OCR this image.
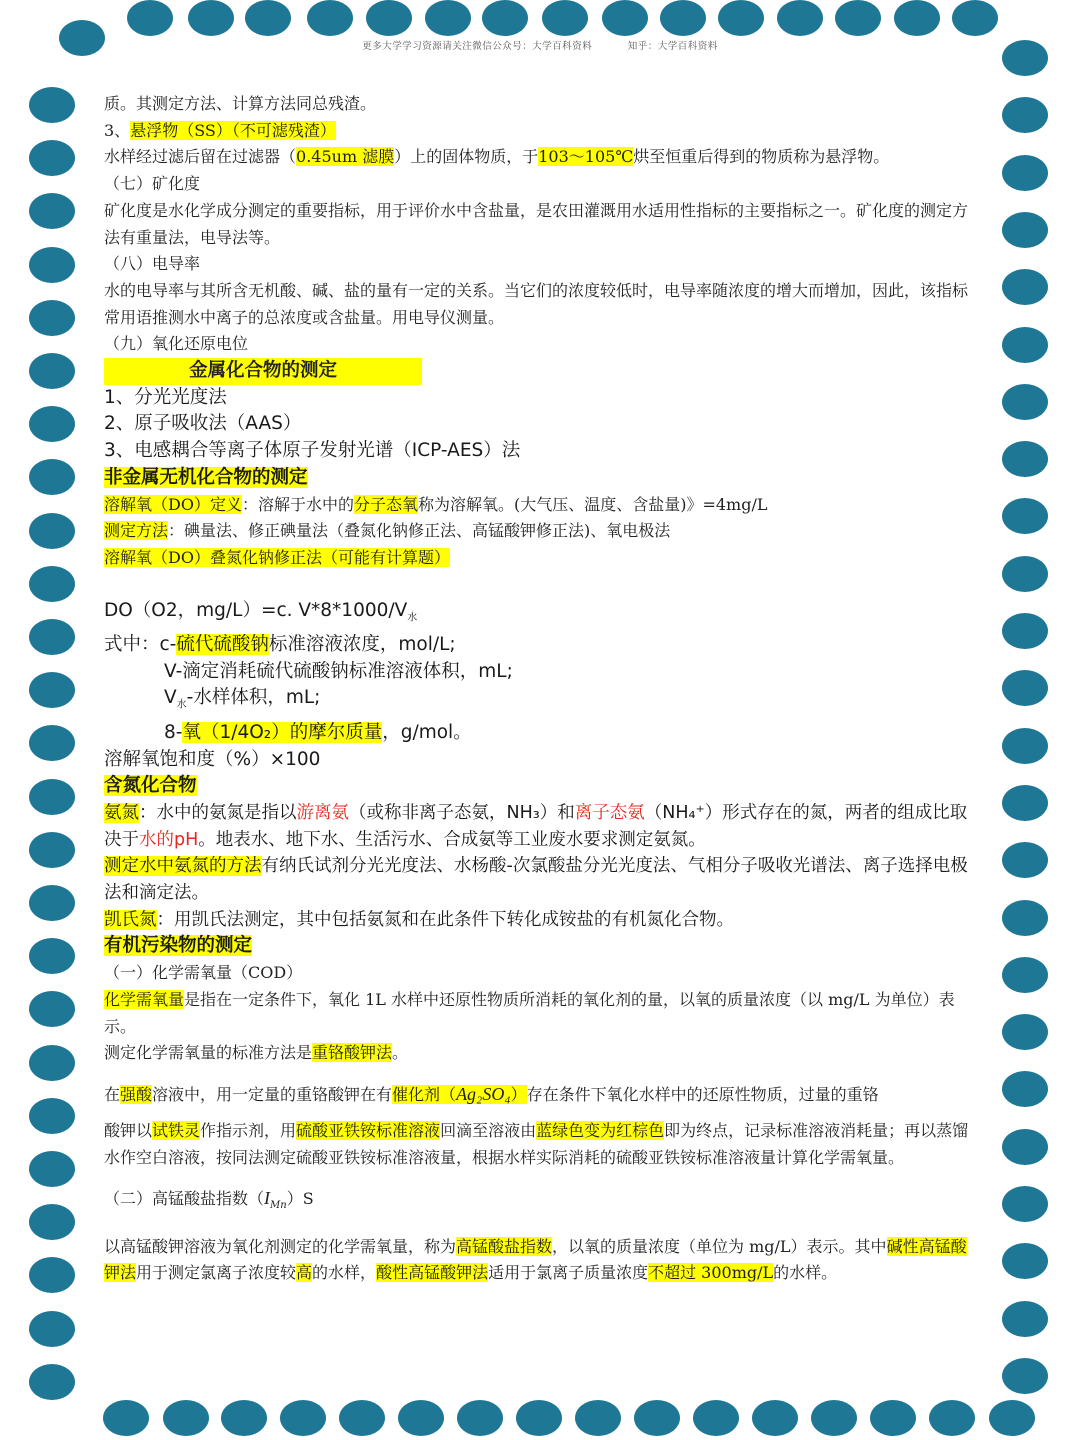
更多大学学习资源请关注微信公众号：大学百科资料	知乎：大学百科资料

质。其测定方法、计算方法同总残渣。

3、悬浮物（SS）（不可滤残渣）

水样经过滤后留在过滤器（0.45um 滤膜）上的固体物质，于103～105℃烘至恒重后得到的物质称为悬浮物。

（七）矿化度

矿化度是水化学成分测定的重要指标，用于评价水中含盐量，是农田灌溉用水适用性指标的主要指标之一。矿化度的测定方法有重量法，电导法等。

（八）电导率

水的电导率与其所含无机酸、碱、盐的量有一定的关系。当它们的浓度较低时，电导率随浓度的增大而增加，因此，该指标常用语推测水中离子的总浓度或含盐量。用电导仪测量。

（九）氧化还原电位

金属化合物的测定

1、分光光度法

2、原子吸收法（AAS）

3、电感耦合等离子体原子发射光谱（ICP-AES）法

非金属无机化合物的测定

溶解氧（DO）定义：溶解于水中的分子态氧称为溶解氧。(大气压、温度、含盐量)》=4mg/L

测定方法：碘量法、修正碘量法（叠氮化钠修正法、高锰酸钾修正法)、氧电极法

溶解氧（DO）叠氮化钠修正法（可能有计算题）

DO（O2，mg/L）=c. $V*8*1000/V_水$

式中：c-硫代硫酸钠标准溶液浓度，mol/L;

V-滴定消耗硫代硫酸钠标准溶液体积，mL;

$V_水-$水样体积，mL;

8-氧（1/4O₂）的摩尔质量，g/mol。

溶解氧饱和度（%）×100

含氮化合物

氨氮：水中的氨氮是指以游离氨（或称非离子态氨，NH₃）和离子态氨（NH₄⁺）形式存在的氮，两者的组成比取决于水的pH。地表水、地下水、生活污水、合成氨等工业废水要求测定氨氮。

测定水中氨氮的方法有纳氏试剂分光光度法、水杨酸-次氯酸盐分光光度法、气相分子吸收光谱法、离子选择电极法和滴定法。

凯氏氮：用凯氏法测定，其中包括氨氮和在此条件下转化成铵盐的有机氮化合物。

有机污染物的测定

（一）化学需氧量（COD）

化学需氧量是指在一定条件下，氧化 1L 水样中还原性物质所消耗的氧化剂的量，以氧的质量浓度（以 mg/L 为单位）表示。

测定化学需氧量的标准方法是重铬酸钾法。

在强酸溶液中，用一定量的重铬酸钾在有催化剂（Ag₂SO₄）存在条件下氧化水样中的还原性物质，过量的重铬

酸钾以试铁灵作指示剂，用硫酸亚铁铵标准溶液回滴至溶液由蓝绿色变为红棕色即为终点，记录标准溶液消耗量；再以蒸馏水作空白溶液，按同法测定硫酸亚铁铵标准溶液量，根据水样实际消耗的硫酸亚铁铵标准溶液量计算化学需氧量。

（二）高锰酸盐指数$(I_{Mn})S$

以高锰酸钾溶液为氧化剂测定的化学需氧量，称为高锰酸盐指数，以氧的质量浓度（单位为 mg/L）表示。其中碱性高锰酸钾法用于测定氯离子浓度较高的水样，酸性高锰酸钾法适用于氯离子质量浓度不超过 300mg/L的水样。
